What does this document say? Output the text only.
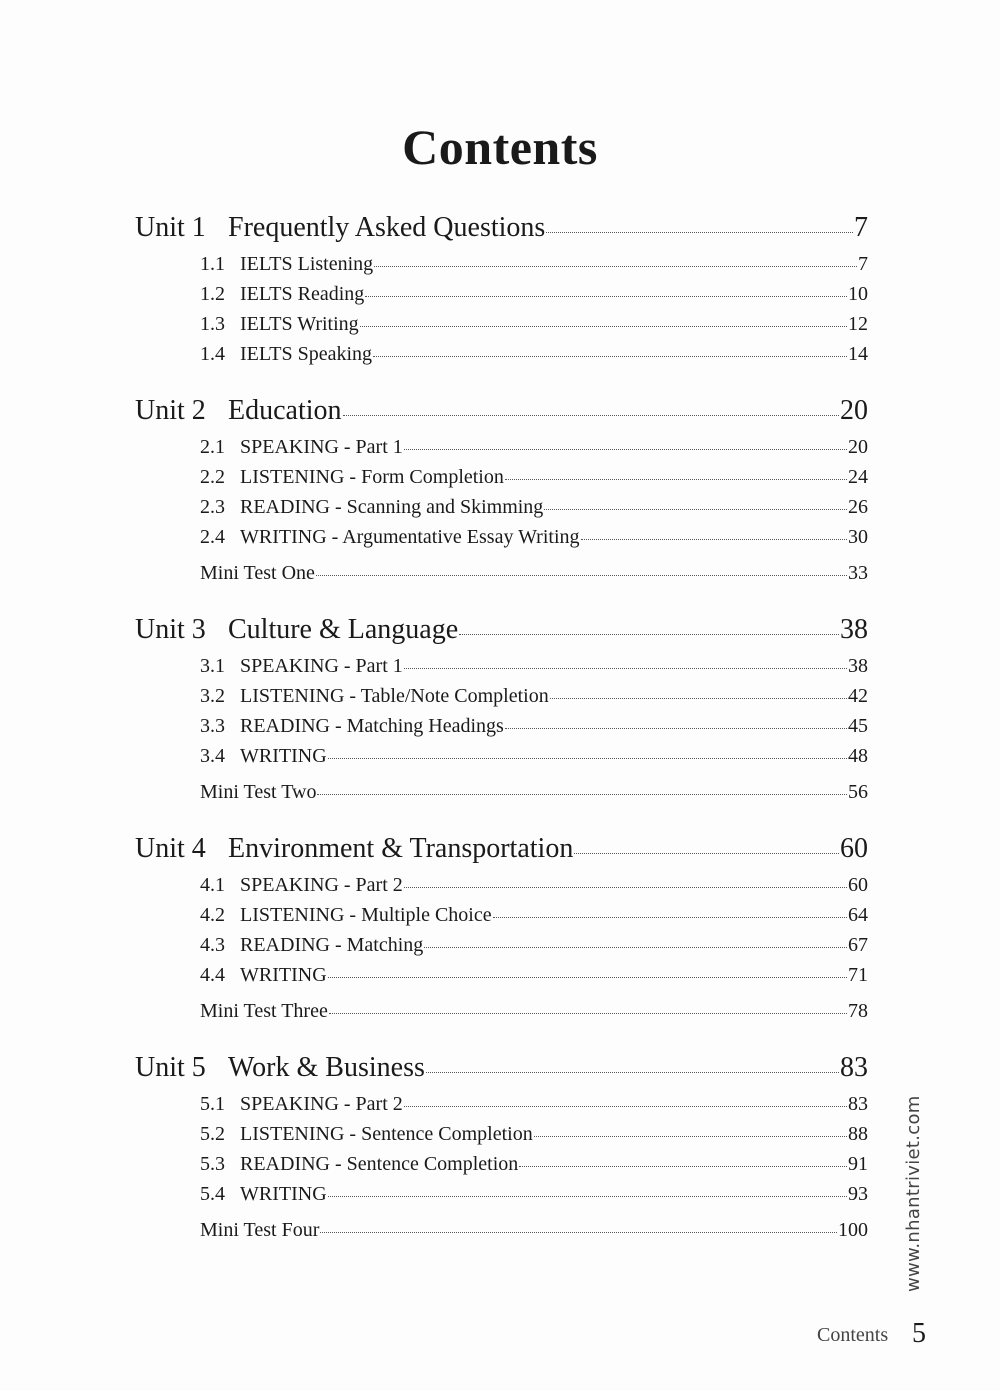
Contents
Unit 1 Frequently Asked Questions	7
1.1 IELTS Listening	7
1.2 IELTS Reading	10
1.3 IELTS Writing	12
1.4 IELTS Speaking	14
Unit 2 Education	20
2.1 SPEAKING - Part 1	20
2.2 LISTENING - Form Completion	24
2.3 READING - Scanning and Skimming	26
2.4 WRITING - Argumentative Essay Writing	30
Mini Test One	33
Unit 3 Culture & Language	38
3.1 SPEAKING - Part 1	38
3.2 LISTENING - Table/Note Completion	42
3.3 READING - Matching Headings	45
3.4 WRITING	48
Mini Test Two	56
Unit 4 Environment & Transportation	60
4.1 SPEAKING - Part 2	60
4.2 LISTENING - Multiple Choice	64
4.3 READING - Matching	67
4.4 WRITING	71
Mini Test Three	78
Unit 5 Work & Business	83
5.1 SPEAKING - Part 2	83
5.2 LISTENING - Sentence Completion	88
5.3 READING - Sentence Completion	91
5.4 WRITING	93
Mini Test Four	100 www.nhantriviet.com
Contents 5
